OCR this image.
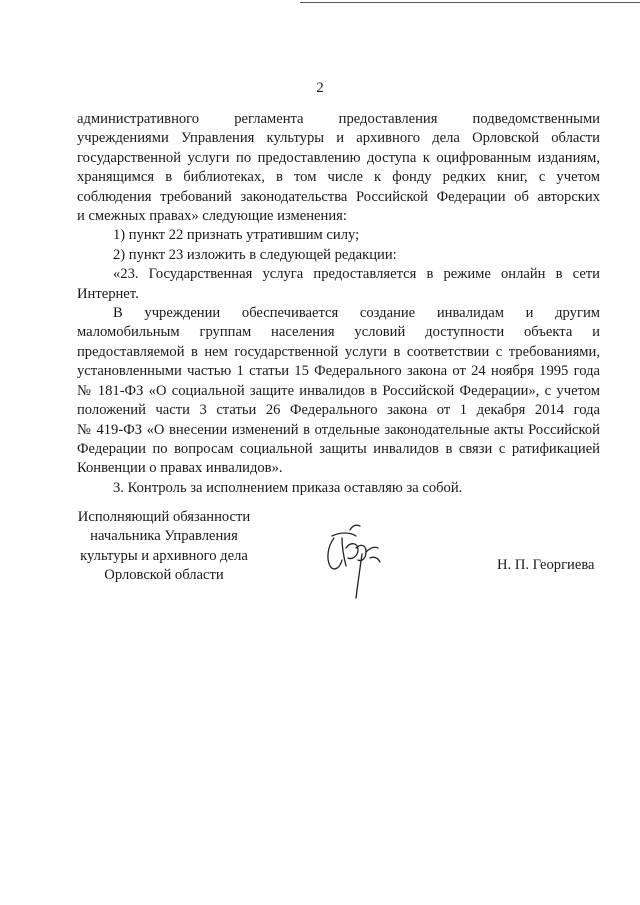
2
административного регламента предоставления подведомственными
учреждениями Управления культуры и архивного дела Орловской области
государственной услуги по предоставлению доступа к оцифрованным изданиям,
хранящимся в библиотеках, в том числе к фонду редких книг, с учетом
соблюдения требований законодательства Российской Федерации об авторских
и смежных правах» следующие изменения:
1) пункт 22 признать утратившим силу;
2) пункт 23 изложить в следующей редакции:
«23. Государственная услуга предоставляется в режиме онлайн в сети
Интернет.
В учреждении обеспечивается создание инвалидам и другим
маломобильным группам населения условий доступности объекта и
предоставляемой в нем государственной услуги в соответствии с требованиями,
установленными частью 1 статьи 15 Федерального закона от 24 ноября 1995 года
№ 181-ФЗ «О социальной защите инвалидов в Российской Федерации», с учетом
положений части 3 статьи 26 Федерального закона от 1 декабря 2014 года
№ 419-ФЗ «О внесении изменений в отдельные законодательные акты Российской
Федерации по вопросам социальной защиты инвалидов в связи с ратификацией
Конвенции о правах инвалидов».
3. Контроль за исполнением приказа оставляю за собой.
Исполняющий обязанности
начальника Управления
культуры и архивного дела
Орловской области
Н. П. Георгиева
